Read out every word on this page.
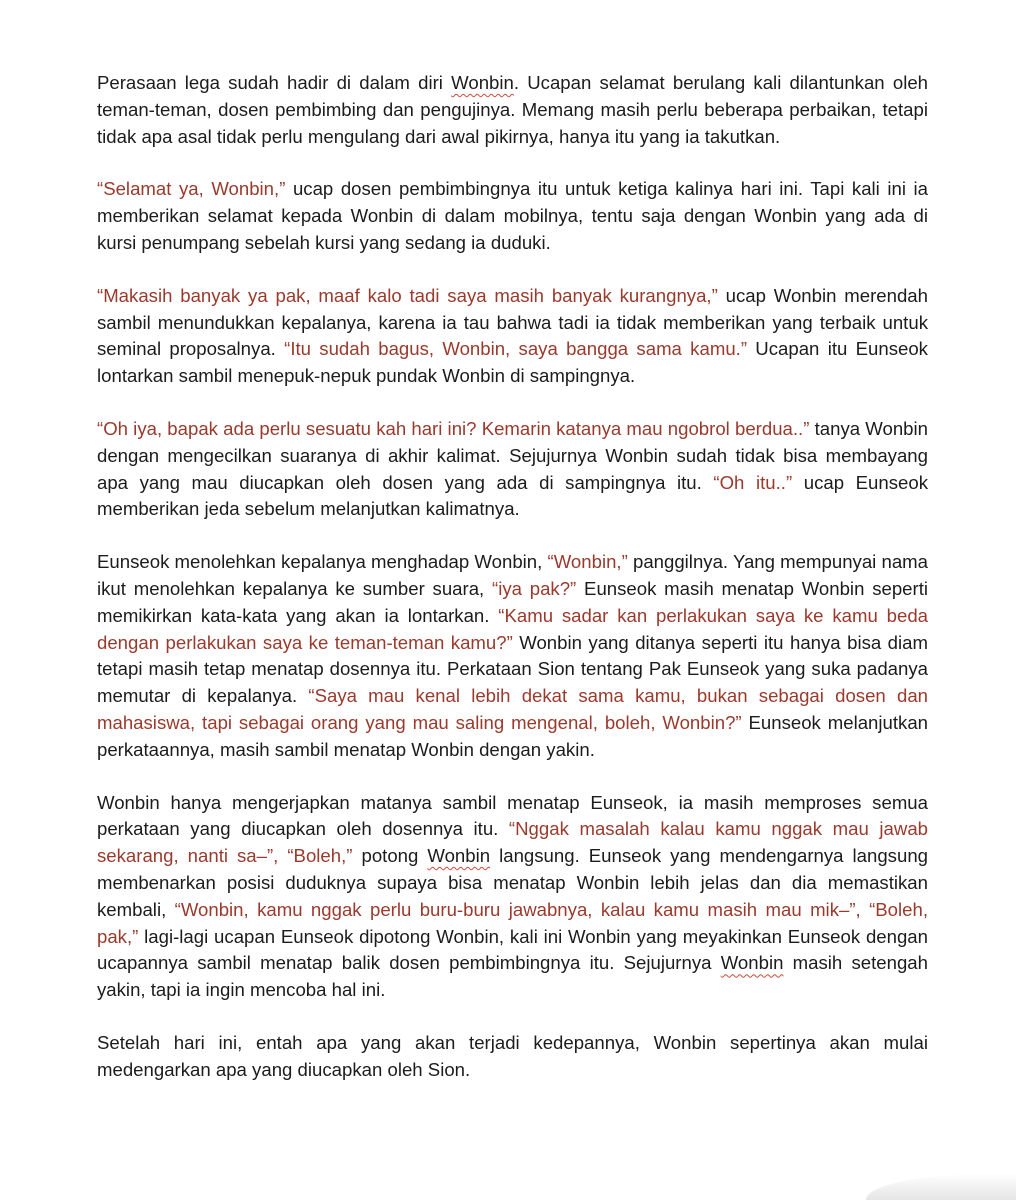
Perasaan lega sudah hadir di dalam diri Wonbin. Ucapan selamat berulang kali dilantunkan oleh teman-teman, dosen pembimbing dan pengujinya. Memang masih perlu beberapa perbaikan, tetapi tidak apa asal tidak perlu mengulang dari awal pikirnya, hanya itu yang ia takutkan.

“Selamat ya, Wonbin,” ucap dosen pembimbingnya itu untuk ketiga kalinya hari ini. Tapi kali ini ia memberikan selamat kepada Wonbin di dalam mobilnya, tentu saja dengan Wonbin yang ada di kursi penumpang sebelah kursi yang sedang ia duduki.

“Makasih banyak ya pak, maaf kalo tadi saya masih banyak kurangnya,” ucap Wonbin merendah sambil menundukkan kepalanya, karena ia tau bahwa tadi ia tidak memberikan yang terbaik untuk seminal proposalnya. “Itu sudah bagus, Wonbin, saya bangga sama kamu.” Ucapan itu Eunseok lontarkan sambil menepuk-nepuk pundak Wonbin di sampingnya.

“Oh iya, bapak ada perlu sesuatu kah hari ini? Kemarin katanya mau ngobrol berdua..” tanya Wonbin dengan mengecilkan suaranya di akhir kalimat. Sejujurnya Wonbin sudah tidak bisa membayang apa yang mau diucapkan oleh dosen yang ada di sampingnya itu. “Oh itu..” ucap Eunseok memberikan jeda sebelum melanjutkan kalimatnya.

Eunseok menolehkan kepalanya menghadap Wonbin, “Wonbin,” panggilnya. Yang mempunyai nama ikut menolehkan kepalanya ke sumber suara, “iya pak?” Eunseok masih menatap Wonbin seperti memikirkan kata-kata yang akan ia lontarkan. “Kamu sadar kan perlakukan saya ke kamu beda dengan perlakukan saya ke teman-teman kamu?” Wonbin yang ditanya seperti itu hanya bisa diam tetapi masih tetap menatap dosennya itu. Perkataan Sion tentang Pak Eunseok yang suka padanya memutar di kepalanya. “Saya mau kenal lebih dekat sama kamu, bukan sebagai dosen dan mahasiswa, tapi sebagai orang yang mau saling mengenal, boleh, Wonbin?” Eunseok melanjutkan perkataannya, masih sambil menatap Wonbin dengan yakin.

Wonbin hanya mengerjapkan matanya sambil menatap Eunseok, ia masih memproses semua perkataan yang diucapkan oleh dosennya itu. “Nggak masalah kalau kamu nggak mau jawab sekarang, nanti sa–”, “Boleh,” potong Wonbin langsung. Eunseok yang mendengarnya langsung membenarkan posisi duduknya supaya bisa menatap Wonbin lebih jelas dan dia memastikan kembali, “Wonbin, kamu nggak perlu buru-buru jawabnya, kalau kamu masih mau mik–”, “Boleh, pak,” lagi-lagi ucapan Eunseok dipotong Wonbin, kali ini Wonbin yang meyakinkan Eunseok dengan ucapannya sambil menatap balik dosen pembimbingnya itu. Sejujurnya Wonbin masih setengah yakin, tapi ia ingin mencoba hal ini.

Setelah hari ini, entah apa yang akan terjadi kedepannya, Wonbin sepertinya akan mulai medengarkan apa yang diucapkan oleh Sion.
